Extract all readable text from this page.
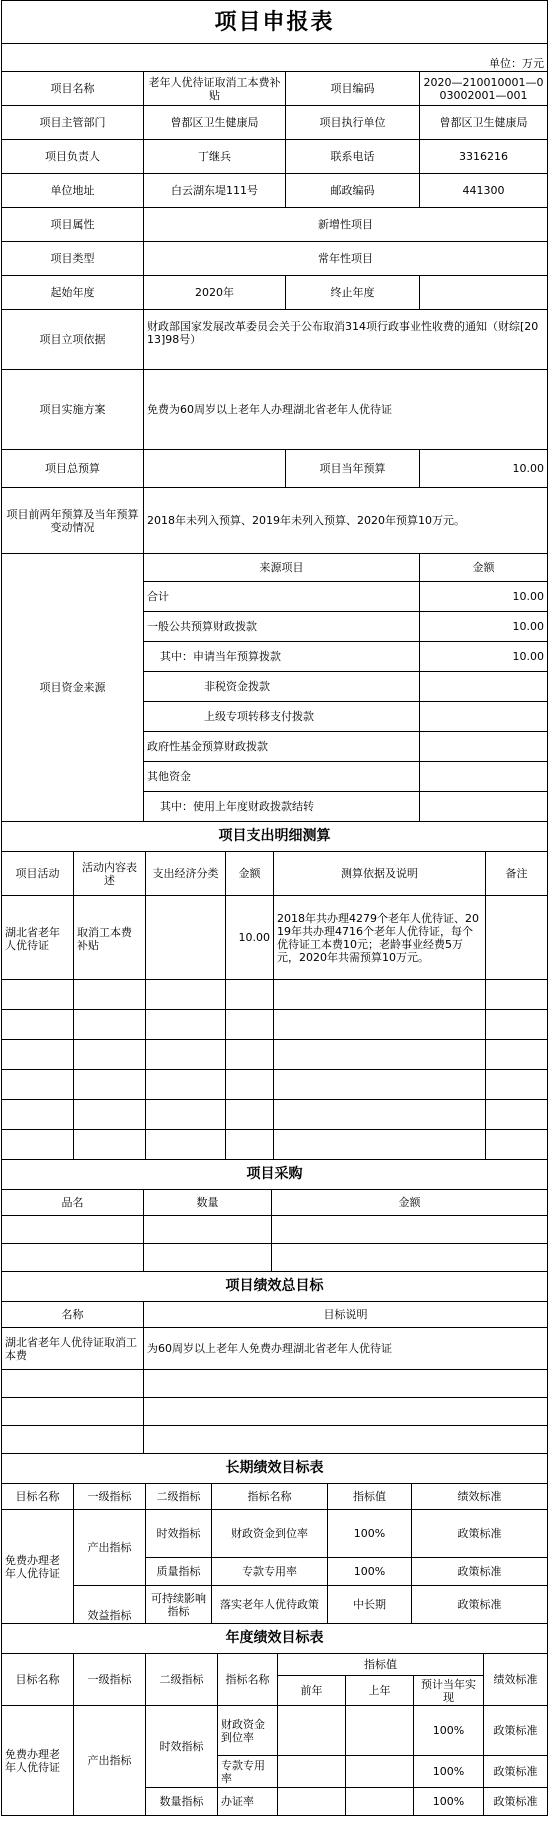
项目申报表			
单位：万元			
项目名称	老年人优待证取消工本费补贴	项目编码	2020—210010001—003002001—001
项目主管部门	曾都区卫生健康局	项目执行单位	曾都区卫生健康局
项目负责人	丁继兵	联系电话	3316216
单位地址	白云湖东堤111号	邮政编码	441300
项目属性	新增性项目		
项目类型	常年性项目		
起始年度	2020年	终止年度	
项目立项依据	财政部国家发展改革委员会关于公布取消314项行政事业性收费的通知（财综[2013]98号）		
项目实施方案	免费为60周岁以上老年人办理湖北省老年人优待证		
项目总预算		项目当年预算	10.00
项目前两年预算及当年预算变动情况	2018年未列入预算、2019年未列入预算、2020年预算10万元。		
项目资金来源	来源项目	金额
	合计	10.00
	一般公共预算财政拨款	10.00
	其中：申请当年预算拨款	10.00
	非税资金拨款	
	上级专项转移支付拨款	
	政府性基金预算财政拨款	
	其他资金	
	其中：使用上年度财政拨款结转	
项目支出明细测算					
项目活动	活动内容表述	支出经济分类	金额	测算依据及说明	备注
湖北省老年人优待证	取消工本费补贴		10.00	2018年共办理4279个老年人优待证、2019年共办理4716个老年人优待证，每个优待证工本费10元；老龄事业经费5万元，2020年共需预算10万元。	

项目采购		
品名	数量	金额

项目绩效总目标	
名称	目标说明
湖北省老年人优待证取消工本费	为60周岁以上老年人免费办理湖北省老年人优待证

长期绩效目标表					
目标名称	一级指标	二级指标	指标名称	指标值	绩效标准
免费办理老年人优待证	产出指标	时效指标	财政资金到位率	100%	政策标准
		质量指标	专款专用率	100%	政策标准
	效益指标	可持续影响指标	落实老年人优待政策	中长期	政策标准
年度绩效目标表							
目标名称	一级指标	二级指标	指标名称	指标值			绩效标准
				前年	上年	预计当年实现	
免费办理老年人优待证	产出指标	时效指标	财政资金到位率			100%	政策标准
			专款专用率			100%	政策标准
		数量指标	办证率			100%	政策标准
